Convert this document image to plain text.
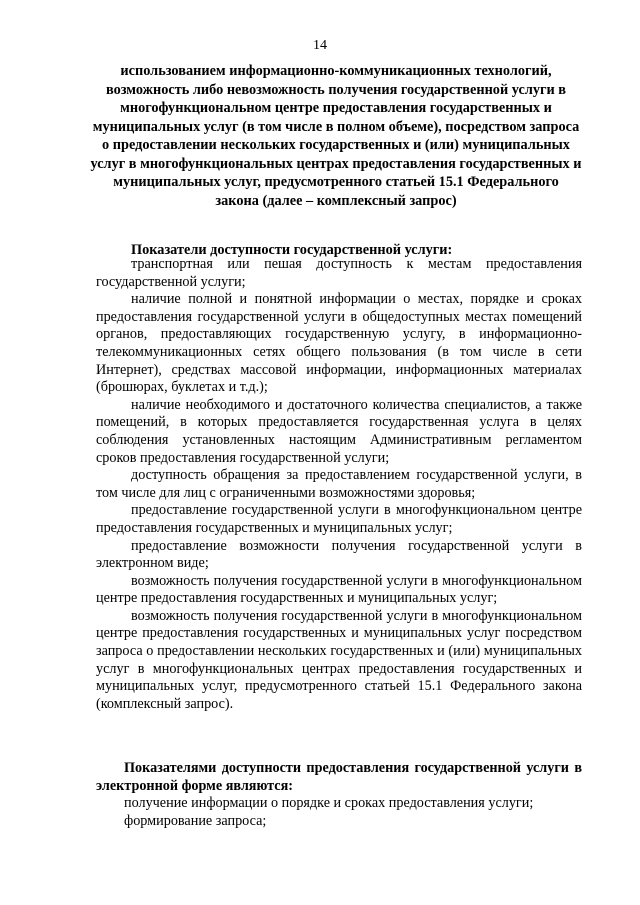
14
использованием информационно-коммуникационных технологий, возможность либо невозможность получения государственной услуги в многофункциональном центре предоставления государственных и муниципальных услуг (в том числе в полном объеме), посредством запроса о предоставлении нескольких государственных и (или) муниципальных услуг в многофункциональных центрах предоставления государственных и муниципальных услуг, предусмотренного статьей 15.1 Федерального закона (далее – комплексный запрос)
Показатели доступности государственной услуги:

транспортная или пешая доступность к местам предоставления государственной услуги;

наличие полной и понятной информации о местах, порядке и сроках предоставления государственной услуги в общедоступных местах помещений органов, предоставляющих государственную услугу, в информационно-телекоммуникационных сетях общего пользования (в том числе в сети Интернет), средствах массовой информации, информационных материалах (брошюрах, буклетах и т.д.);

наличие необходимого и достаточного количества специалистов, а также помещений, в которых предоставляется государственная услуга в целях соблюдения установленных настоящим Административным регламентом сроков предоставления государственной услуги;

доступность обращения за предоставлением государственной услуги, в том числе для лиц с ограниченными возможностями здоровья;

предоставление государственной услуги в многофункциональном центре предоставления государственных и муниципальных услуг;

предоставление возможности получения государственной услуги в электронном виде;

возможность получения государственной услуги в многофункциональном центре предоставления государственных и муниципальных услуг;

возможность получения государственной услуги в многофункциональном центре предоставления государственных и муниципальных услуг посредством запроса о предоставлении нескольких государственных и (или) муниципальных услуг в многофункциональных центрах предоставления государственных и муниципальных услуг, предусмотренного статьей 15.1 Федерального закона (комплексный запрос).

Показателями доступности предоставления государственной услуги в электронной форме являются:

получение информации о порядке и сроках предоставления услуги;

формирование запроса;
